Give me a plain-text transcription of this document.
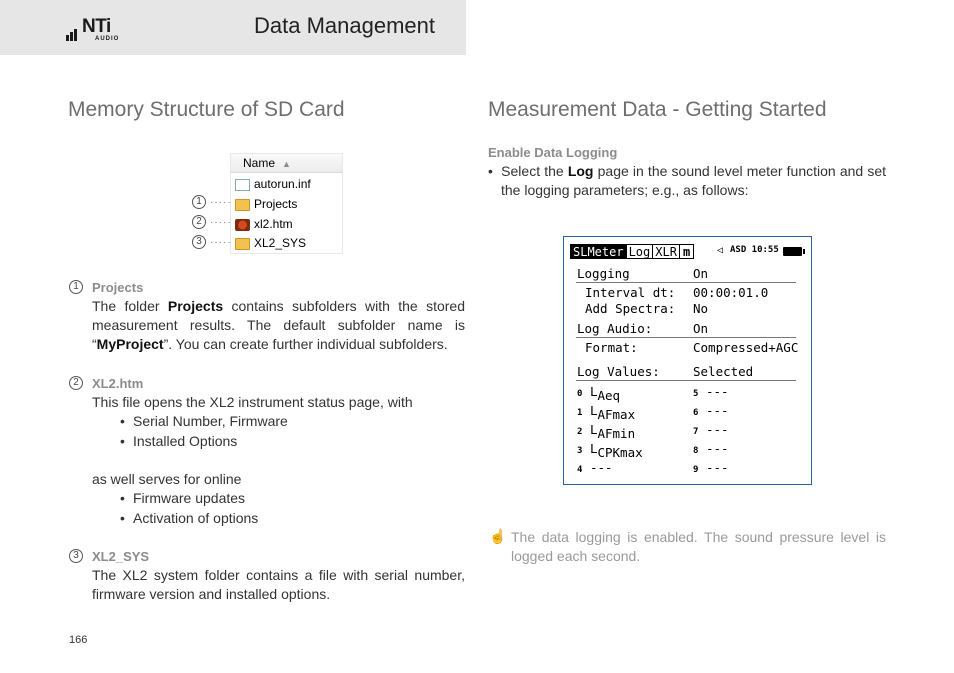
NTi
AUDIO
Data Management
Memory Structure of SD Card
Name ▲
autorun.inf
Projects
xl2.htm
XL2_SYS
1 ·····
2 ·····
3 ·····
1	Projects

The folder Projects contains subfolders with the stored measurement results. The default subfolder name is “MyProject”. You can create further individual subfolders.

2	XL2.htm

This file opens the XL2 instrument status page, with

• Serial Number, Firmware
• Installed Options

as well serves for online

• Firmware updates
• Activation of options
3	XL2_SYS

The XL2 system folder contains a file with serial number, firmware version and installed options.

Measurement Data - Getting Started
Enable Data Logging

•  Select the Log page in the sound level meter function and set the logging parameters; e.g., as follows:

SLMeter Log XLR m	◁ ASD 10:55
Logging	On
Interval dt: 00:00:01.0
Add Spectra: No
Log Audio:	On
Format:	Compressed+AGC
Log Values:	Selected
0 LAeq
1 LAFmax
2 LAFmin
3 LCPKmax
4 ---
5 ---
6 ---
7 ---
8 ---
9 ---
☝ The data logging is enabled. The sound pressure level is logged each second.

166
